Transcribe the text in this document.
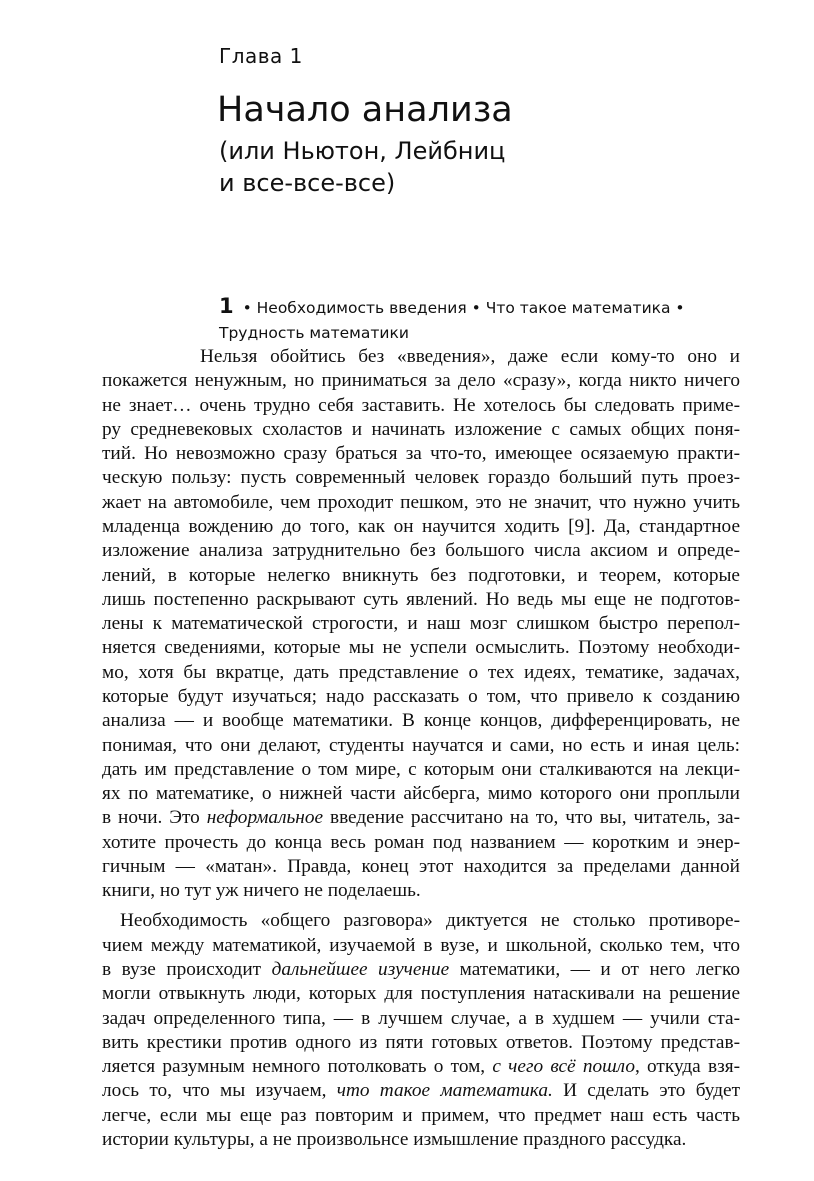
Глава 1
Начало анализа
(или Ньютон, Лейбниц
и все-все-все)
1 • Необходимость введения • Что такое математика •
Трудность математики
Нельзя обойтись без «введения», даже если кому-то оно и
покажется ненужным, но приниматься за дело «сразу», когда никто ничего
не знает… очень трудно себя заставить. Не хотелось бы следовать приме-
ру средневековых схоластов и начинать изложение с самых общих поня-
тий. Но невозможно сразу браться за что-то, имеющее осязаемую практи-
ческую пользу: пусть современный человек гораздо больший путь проез-
жает на автомобиле, чем проходит пешком, это не значит, что нужно учить
младенца вождению до того, как он научится ходить [9]. Да, стандартное
изложение анализа затруднительно без большого числа аксиом и опреде-
лений, в которые нелегко вникнуть без подготовки, и теорем, которые
лишь постепенно раскрывают суть явлений. Но ведь мы еще не подготов-
лены к математической строгости, и наш мозг слишком быстро перепол-
няется сведениями, которые мы не успели осмыслить. Поэтому необходи-
мо, хотя бы вкратце, дать представление о тех идеях, тематике, задачах,
которые будут изучаться; надо рассказать о том, что привело к созданию
анализа — и вообще математики. В конце концов, дифференцировать, не
понимая, что они делают, студенты научатся и сами, но есть и иная цель:
дать им представление о том мире, с которым они сталкиваются на лекци-
ях по математике, о нижней части айсберга, мимо которого они проплыли
в ночи. Это неформальное введение рассчитано на то, что вы, читатель, за-
хотите прочесть до конца весь роман под названием — коротким и энер-
гичным — «матан». Правда, конец этот находится за пределами данной
книги, но тут уж ничего не поделаешь.
Необходимость «общего разговора» диктуется не столько противоре-
чием между математикой, изучаемой в вузе, и школьной, сколько тем, что
в вузе происходит дальнейшее изучение математики, — и от него легко
могли отвыкнуть люди, которых для поступления натаскивали на решение
задач определенного типа, — в лучшем случае, а в худшем — учили ста-
вить крестики против одного из пяти готовых ответов. Поэтому представ-
ляется разумным немного потолковать о том, с чего всё пошло, откуда взя-
лось то, что мы изучаем, что такое математика. И сделать это будет
легче, если мы еще раз повторим и примем, что предмет наш есть часть
истории культуры, а не произвольнсе измышление праздного рассудка.
